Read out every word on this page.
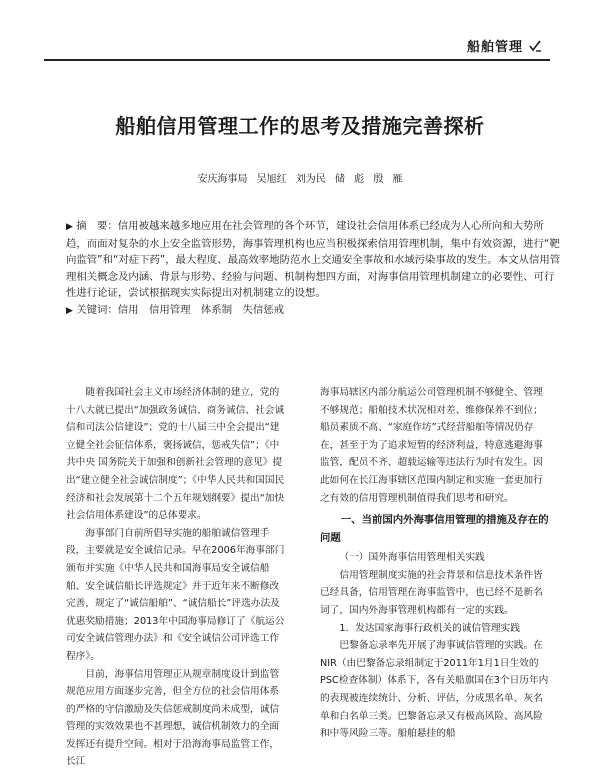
船舶管理
船舶信用管理工作的思考及措施完善探析
安庆海事局 吴旭红 刘为民 储 彪 殷 雁

▶ 摘　要：信用被越来越多地应用在社会管理的各个环节，建设社会信用体系已经成为人心所向和大势所趋，而面对复杂的水上安全监管形势，海事管理机构也应当积极探索信用管理机制，集中有效资源，进行“靶向监管”和“对症下药”，最大程度、最高效率地防范水上交通安全事故和水域污染事故的发生。本文从信用管理相关概念及内涵、背景与形势、经验与问题、机制构想四方面，对海事信用管理机制建立的必要性、可行性进行论证，尝试根据现实实际提出对机制建立的设想。

▶ 关键词：信用　信用管理　体系制　失信惩戒

随着我国社会主义市场经济体制的建立，党的十八大就已提出“加强政务诚信、商务诚信、社会诚信和司法公信建设”；党的十八届三中全会提出“建立健全社会征信体系，褒扬诚信，惩戒失信”；《中共中央 国务院关于加强和创新社会管理的意见》提出“建立健全社会诚信制度”；《中华人民共和国国民经济和社会发展第十二个五年规划纲要》提出“加快社会信用体系建设”的总体要求。

海事部门自前所倡导实施的船舶诚信管理手段，主要就是安全诚信记录。早在2006年海事部门颁布并实施《中华人民共和国海事局安全诚信船舶、安全诚信船长评选规定》并于近年来不断修改完善，规定了“诚信船舶”、“诚信船长”评选办法及优惠奖励措施；2013年中国海事局修订了《航运公司安全诚信管理办法》和《安全诚信公司评选工作程序》。

目前，海事信用管理正从规章制度设计到监管规范应用方面逐步完善，但全方位的社会信用体系的严格的守信激励及失信惩戒制度尚未成型，诚信管理的实效效果也不甚理想，诚信机制效力的全面发挥还有提升空间。相对于沿海海事局监管工作，长江

海事局辖区内部分航运公司管理机制不够健全、管理不够规范；船舶技术状况相对差、维修保养不到位；船员素质不高、“家庭作坊”式经营船舶等情况仍存在，甚至于为了追求短暂的经济利益，特意逃避海事监管，配员不齐、超载运输等违法行为时有发生。因此如何在长江海事辖区范围内制定和实施一套更加行之有效的信用管理机制值得我们思考和研究。

一、当前国内外海事信用管理的措施及存在的问题

（一）国外海事信用管理相关实践

信用管理制度实施的社会背景和信息技术条件皆已经具备，信用管理在海事监管中，也已经不是新名词了，国内外海事管理机构都有一定的实践。

1．发达国家海事行政机关的诚信管理实践

巴黎备忘录率先开展了海事诚信管理的实践。在NIR（由巴黎备忘录组制定于2011年1月1日生效的PSC检查体制）体系下，各有关船旗国在3个日历年内的表现被连续统计、分析、评估，分成黑名单、灰名单和白名单三类。巴黎备忘录又有极高风险、高风险和中等风险三等。船舶悬挂的船
